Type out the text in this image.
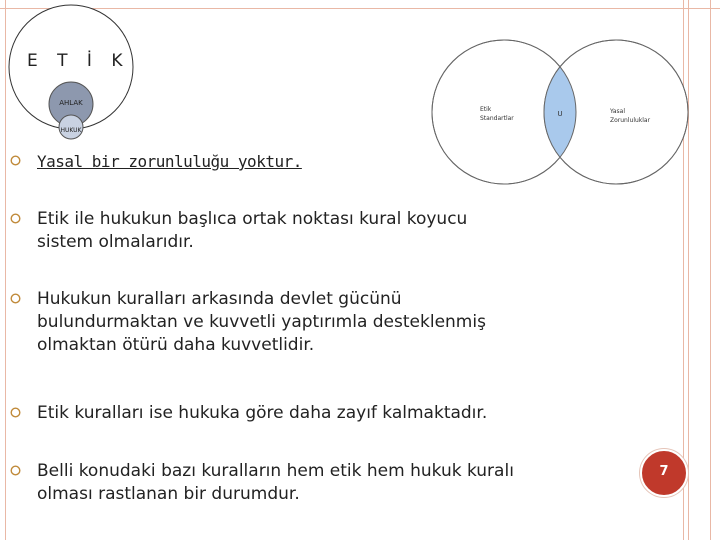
E T İ K
AHLAK
HUKUK
Etik
Standartlar
U	Yasal
Zorunluluklar
Yasal bir zorunluluğu yoktur.
Etik ile hukukun başlıca ortak noktası kural koyucu
sistem olmalarıdır.
Hukukun kuralları arkasında devlet gücünü
bulundurmaktan ve kuvvetli yaptırımla desteklenmiş
olmaktan ötürü daha kuvvetlidir.
Etik kuralları ise hukuka göre daha zayıf kalmaktadır.
Belli konudaki bazı kuralların hem etik hem hukuk kuralı
olması rastlanan bir durumdur.
7
